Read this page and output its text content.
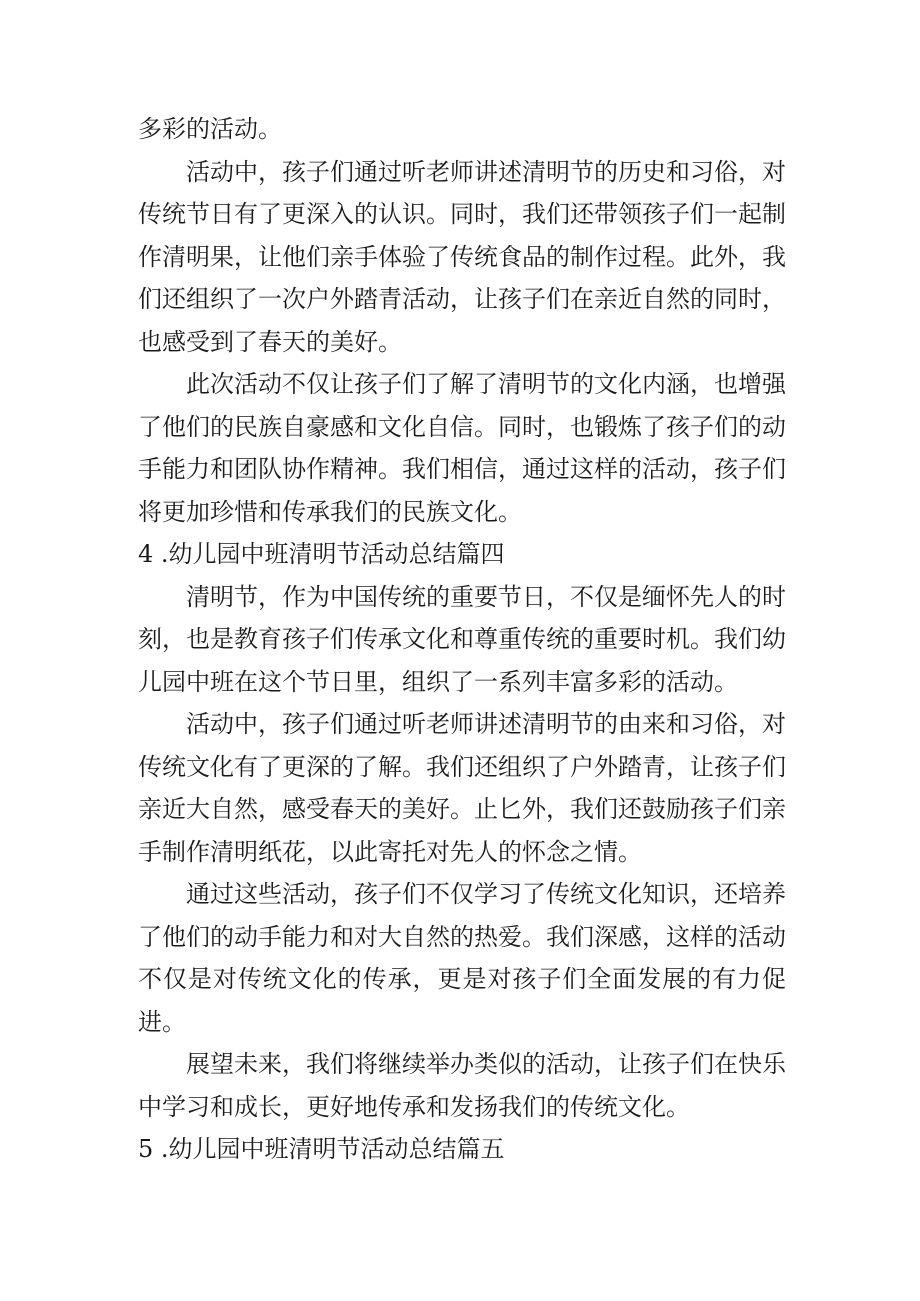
多彩的活动。

活动中，孩子们通过听老师讲述清明节的历史和习俗，对传统节日有了更深入的认识。同时，我们还带领孩子们一起制作清明果，让他们亲手体验了传统食品的制作过程。此外，我们还组织了一次户外踏青活动，让孩子们在亲近自然的同时，也感受到了春天的美好。

此次活动不仅让孩子们了解了清明节的文化内涵，也增强了他们的民族自豪感和文化自信。同时，也锻炼了孩子们的动手能力和团队协作精神。我们相信，通过这样的活动，孩子们将更加珍惜和传承我们的民族文化。

4 .幼儿园中班清明节活动总结篇四

清明节，作为中国传统的重要节日，不仅是缅怀先人的时刻，也是教育孩子们传承文化和尊重传统的重要时机。我们幼儿园中班在这个节日里，组织了一系列丰富多彩的活动。

活动中，孩子们通过听老师讲述清明节的由来和习俗，对传统文化有了更深的了解。我们还组织了户外踏青，让孩子们亲近大自然，感受春天的美好。止匕外，我们还鼓励孩子们亲手制作清明纸花，以此寄托对先人的怀念之情。

通过这些活动，孩子们不仅学习了传统文化知识，还培养了他们的动手能力和对大自然的热爱。我们深感，这样的活动不仅是对传统文化的传承，更是对孩子们全面发展的有力促进。

展望未来，我们将继续举办类似的活动，让孩子们在快乐中学习和成长，更好地传承和发扬我们的传统文化。

5 .幼儿园中班清明节活动总结篇五
